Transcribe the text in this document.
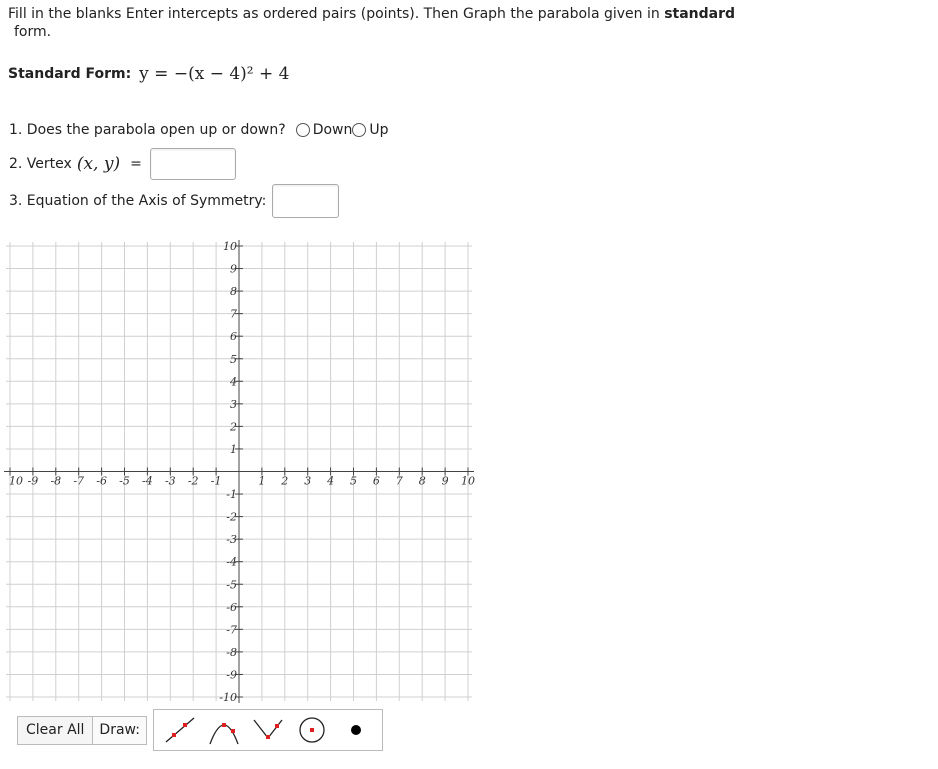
Fill in the blanks Enter intercepts as ordered pairs (points). Then Graph the parabola given in standard
form.
Standard Form: y = −(x − 4)² + 4
1. Does the parabola open up or down? Down Up
2. Vertex (x, y) =
3. Equation of the Axis of Symmetry:
10 -9 -8 -7 -6 -5 -4 -3 -2 -1	1 2 3 4 5 6 7 8 9 10
10
9
8
7
6
5
4
3
2
1
-1
-2
-3
-4
-5
-6
-7
-8
-9
-10
Clear All	Draw:
